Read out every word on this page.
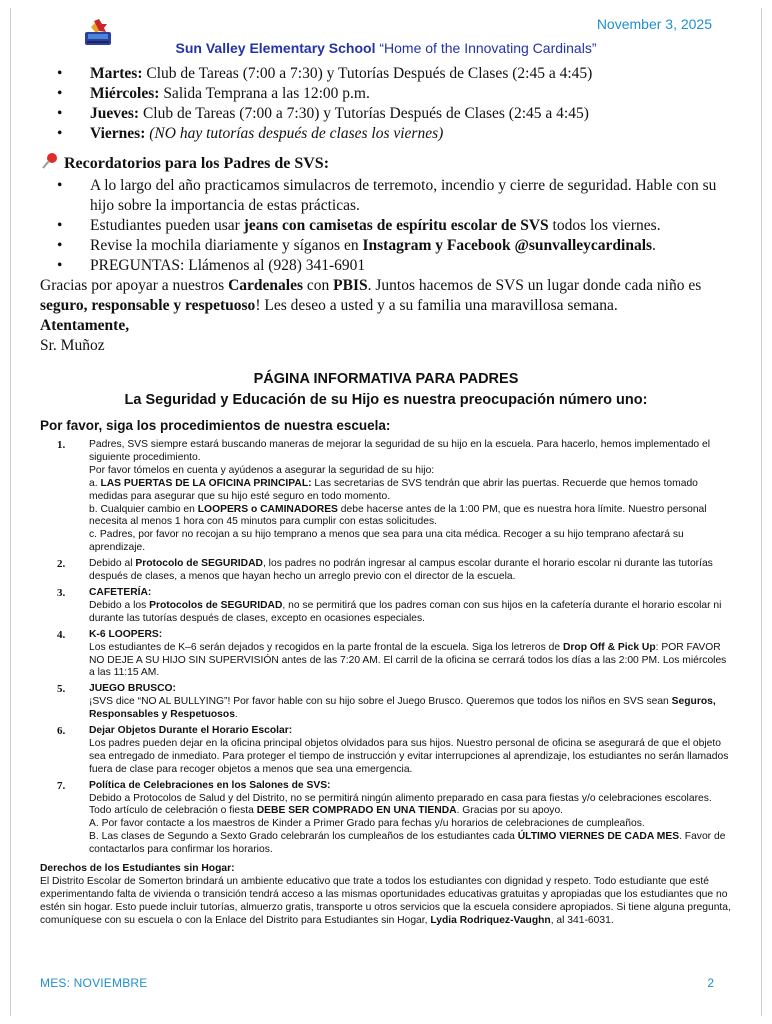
November 3, 2025
Sun Valley Elementary School “Home of the Innovating Cardinals”
• Martes: Club de Tareas (7:00 a 7:30) y Tutorías Después de Clases (2:45 a 4:45)
• Miércoles: Salida Temprana a las 12:00 p.m.
• Jueves: Club de Tareas (7:00 a 7:30) y Tutorías Después de Clases (2:45 a 4:45)
• Viernes: (NO hay tutorías después de clases los viernes)
Recordatorios para los Padres de SVS:
• A lo largo del año practicamos simulacros de terremoto, incendio y cierre de seguridad. Hable con su hijo sobre la importancia de estas prácticas.
• Estudiantes pueden usar jeans con camisetas de espíritu escolar de SVS todos los viernes.
• Revise la mochila diariamente y síganos en Instagram y Facebook @sunvalleycardinals.
• PREGUNTAS: Llámenos al (928) 341-6901

Gracias por apoyar a nuestros Cardenales con PBIS. Juntos hacemos de SVS un lugar donde cada niño es seguro, responsable y respetuoso! Les deseo a usted y a su familia una maravillosa semana.

Atentamente,
Sr. Muñoz
PÁGINA INFORMATIVA PARA PADRES
La Seguridad y Educación de su Hijo es nuestra preocupación número uno:
Por favor, siga los procedimientos de nuestra escuela:
1. Padres, SVS siempre estará buscando maneras de mejorar la seguridad de su hijo en la escuela. Para hacerlo, hemos implementado el siguiente procedimiento.
Por favor tómelos en cuenta y ayúdenos a asegurar la seguridad de su hijo:
a. LAS PUERTAS DE LA OFICINA PRINCIPAL: Las secretarias de SVS tendrán que abrir las puertas. Recuerde que hemos tomado medidas para asegurar que su hijo esté seguro en todo momento.
b. Cualquier cambio en LOOPERS o CAMINADORES debe hacerse antes de la 1:00 PM, que es nuestra hora límite. Nuestro personal necesita al menos 1 hora con 45 minutos para cumplir con estas solicitudes.
c. Padres, por favor no recojan a su hijo temprano a menos que sea para una cita médica. Recoger a su hijo temprano afectará su aprendizaje.
2. Debido al Protocolo de SEGURIDAD, los padres no podrán ingresar al campus escolar durante el horario escolar ni durante las tutorías después de clases, a menos que hayan hecho un arreglo previo con el director de la escuela.
3. CAFETERÍA:
Debido a los Protocolos de SEGURIDAD, no se permitirá que los padres coman con sus hijos en la cafetería durante el horario escolar ni durante las tutorías después de clases, excepto en ocasiones especiales.
4. K-6 LOOPERS:
Los estudiantes de K–6 serán dejados y recogidos en la parte frontal de la escuela. Siga los letreros de Drop Off & Pick Up: POR FAVOR NO DEJE A SU HIJO SIN SUPERVISIÓN antes de las 7:20 AM. El carril de la oficina se cerrará todos los días a las 2:00 PM. Los miércoles a las 11:15 AM.
5. JUEGO BRUSCO:
¡SVS dice “NO AL BULLYING”! Por favor hable con su hijo sobre el Juego Brusco. Queremos que todos los niños en SVS sean Seguros, Responsables y Respetuosos.
6. Dejar Objetos Durante el Horario Escolar:
Los padres pueden dejar en la oficina principal objetos olvidados para sus hijos. Nuestro personal de oficina se asegurará de que el objeto sea entregado de inmediato. Para proteger el tiempo de instrucción y evitar interrupciones al aprendizaje, los estudiantes no serán llamados fuera de clase para recoger objetos a menos que sea una emergencia.
7. Política de Celebraciones en los Salones de SVS:
Debido a Protocolos de Salud y del Distrito, no se permitirá ningún alimento preparado en casa para fiestas y/o celebraciones escolares.
Todo artículo de celebración o fiesta DEBE SER COMPRADO EN UNA TIENDA. Gracias por su apoyo.
A. Por favor contacte a los maestros de Kinder a Primer Grado para fechas y/u horarios de celebraciones de cumpleaños.
B. Las clases de Segundo a Sexto Grado celebrarán los cumpleaños de los estudiantes cada ÚLTIMO VIERNES DE CADA MES. Favor de contactarlos para confirmar los horarios.
Derechos de los Estudiantes sin Hogar:
El Distrito Escolar de Somerton brindará un ambiente educativo que trate a todos los estudiantes con dignidad y respeto. Todo estudiante que esté experimentando falta de vivienda o transición tendrá acceso a las mismas oportunidades educativas gratuitas y apropiadas que los estudiantes que no estén sin hogar. Esto puede incluir tutorías, almuerzo gratis, transporte u otros servicios que la escuela considere apropiados. Si tiene alguna pregunta, comuníquese con su escuela o con la Enlace del Distrito para Estudiantes sin Hogar, Lydia Rodriquez-Vaughn, al 341-6031.
MES: NOVIEMBRE	2
